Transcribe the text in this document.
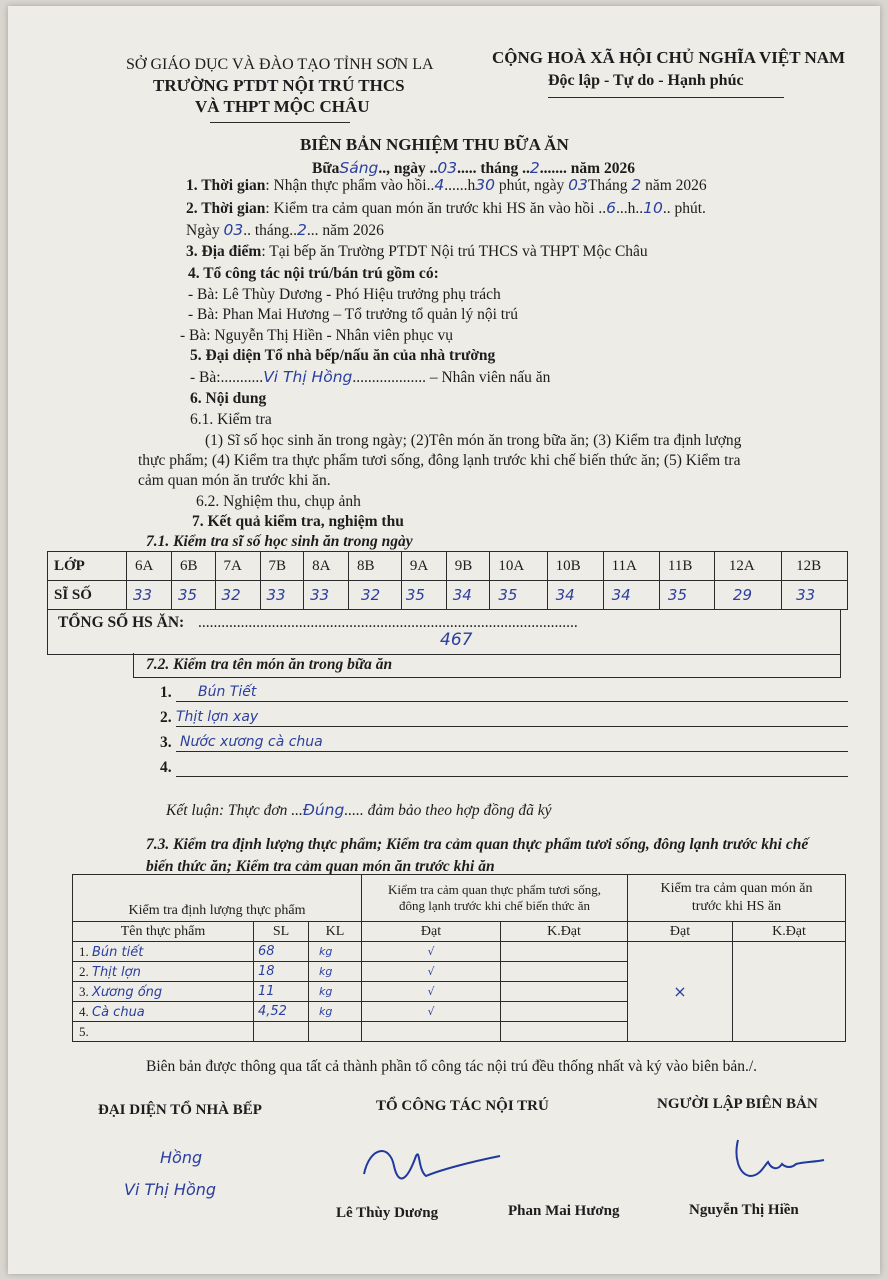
SỞ GIÁO DỤC VÀ ĐÀO TẠO TỈNH SƠN LA
TRƯỜNG PTDT NỘI TRÚ THCS
VÀ THPT MỘC CHÂU
CỘNG HOÀ XÃ HỘI CHỦ NGHĨA VIỆT NAM
Độc lập - Tự do - Hạnh phúc
BIÊN BẢN NGHIỆM THU BỮA ĂN
BữaSáng.., ngày ..03..... tháng ..2....... năm 2026
1. Thời gian: Nhận thực phẩm vào hồi..4......h30 phút, ngày 03Tháng 2 năm 2026
2. Thời gian: Kiểm tra cảm quan món ăn trước khi HS ăn vào hồi ..6...h..10.. phút.
Ngày 03.. tháng..2... năm 2026
3. Địa điểm: Tại bếp ăn Trường PTDT Nội trú THCS và THPT Mộc Châu
4. Tổ công tác nội trú/bán trú gồm có:
- Bà: Lê Thùy Dương - Phó Hiệu trưởng phụ trách
- Bà: Phan Mai Hương – Tổ trưởng tổ quản lý nội trú
- Bà: Nguyễn Thị Hiền - Nhân viên phục vụ
5. Đại diện Tổ nhà bếp/nấu ăn của nhà trường
- Bà:...........Vi Thị Hồng................... – Nhân viên nấu ăn
6. Nội dung
6.1. Kiểm tra
(1) Sĩ số học sinh ăn trong ngày; (2)Tên món ăn trong bữa ăn; (3) Kiểm tra định lượng
thực phẩm; (4) Kiểm tra thực phẩm tươi sống, đông lạnh trước khi chế biến thức ăn; (5) Kiểm tra
cảm quan món ăn trước khi ăn.
6.2. Nghiệm thu, chụp ảnh
7. Kết quả kiểm tra, nghiệm thu
7.1. Kiểm tra sĩ số học sinh ăn trong ngày
LỚP	6A	6B	7A	7B	8A	8B	9A	9B	10A	10B	11A	11B	12A	12B
SĨ SỐ	33	35	32	33	33	32	35	34	35	34	34	35	29	33
TỔNG SỐ HS ĂN: ..................................................................................................
467
7.2. Kiểm tra tên món ăn trong bữa ăn
1. Bún Tiết
2. Thịt lợn xay
3. Nước xương cà chua
4.
Kết luận: Thực đơn ...Đúng..... đảm bảo theo hợp đồng đã ký
7.3. Kiểm tra định lượng thực phẩm; Kiểm tra cảm quan thực phẩm tươi sống, đông lạnh trước khi chế
biến thức ăn; Kiểm tra cảm quan món ăn trước khi ăn
Kiểm tra định lượng thực phẩm			Kiểm tra cảm quan thực phẩm tươi sống,
đông lạnh trước khi chế biến thức ăn		Kiểm tra cảm quan món ăn
trước khi HS ăn	
Tên thực phẩm	SL	KL	Đạt	K.Đạt	Đạt	K.Đạt
1. Bún tiết	68	kg	√		×	
2. Thịt lợn	18	kg	√			
3. Xương ống	11	kg	√			
4. Cà chua	4,52	kg	√			
5.						
Biên bản được thông qua tất cả thành phần tổ công tác nội trú đều thống nhất và ký vào biên bản./.
ĐẠI DIỆN TỔ NHÀ BẾP	TỔ CÔNG TÁC NỘI TRÚ	NGƯỜI LẬP BIÊN BẢN
Hồng
Vi Thị Hồng
Lê Thùy Dương	Phan Mai Hương	Nguyễn Thị Hiền
